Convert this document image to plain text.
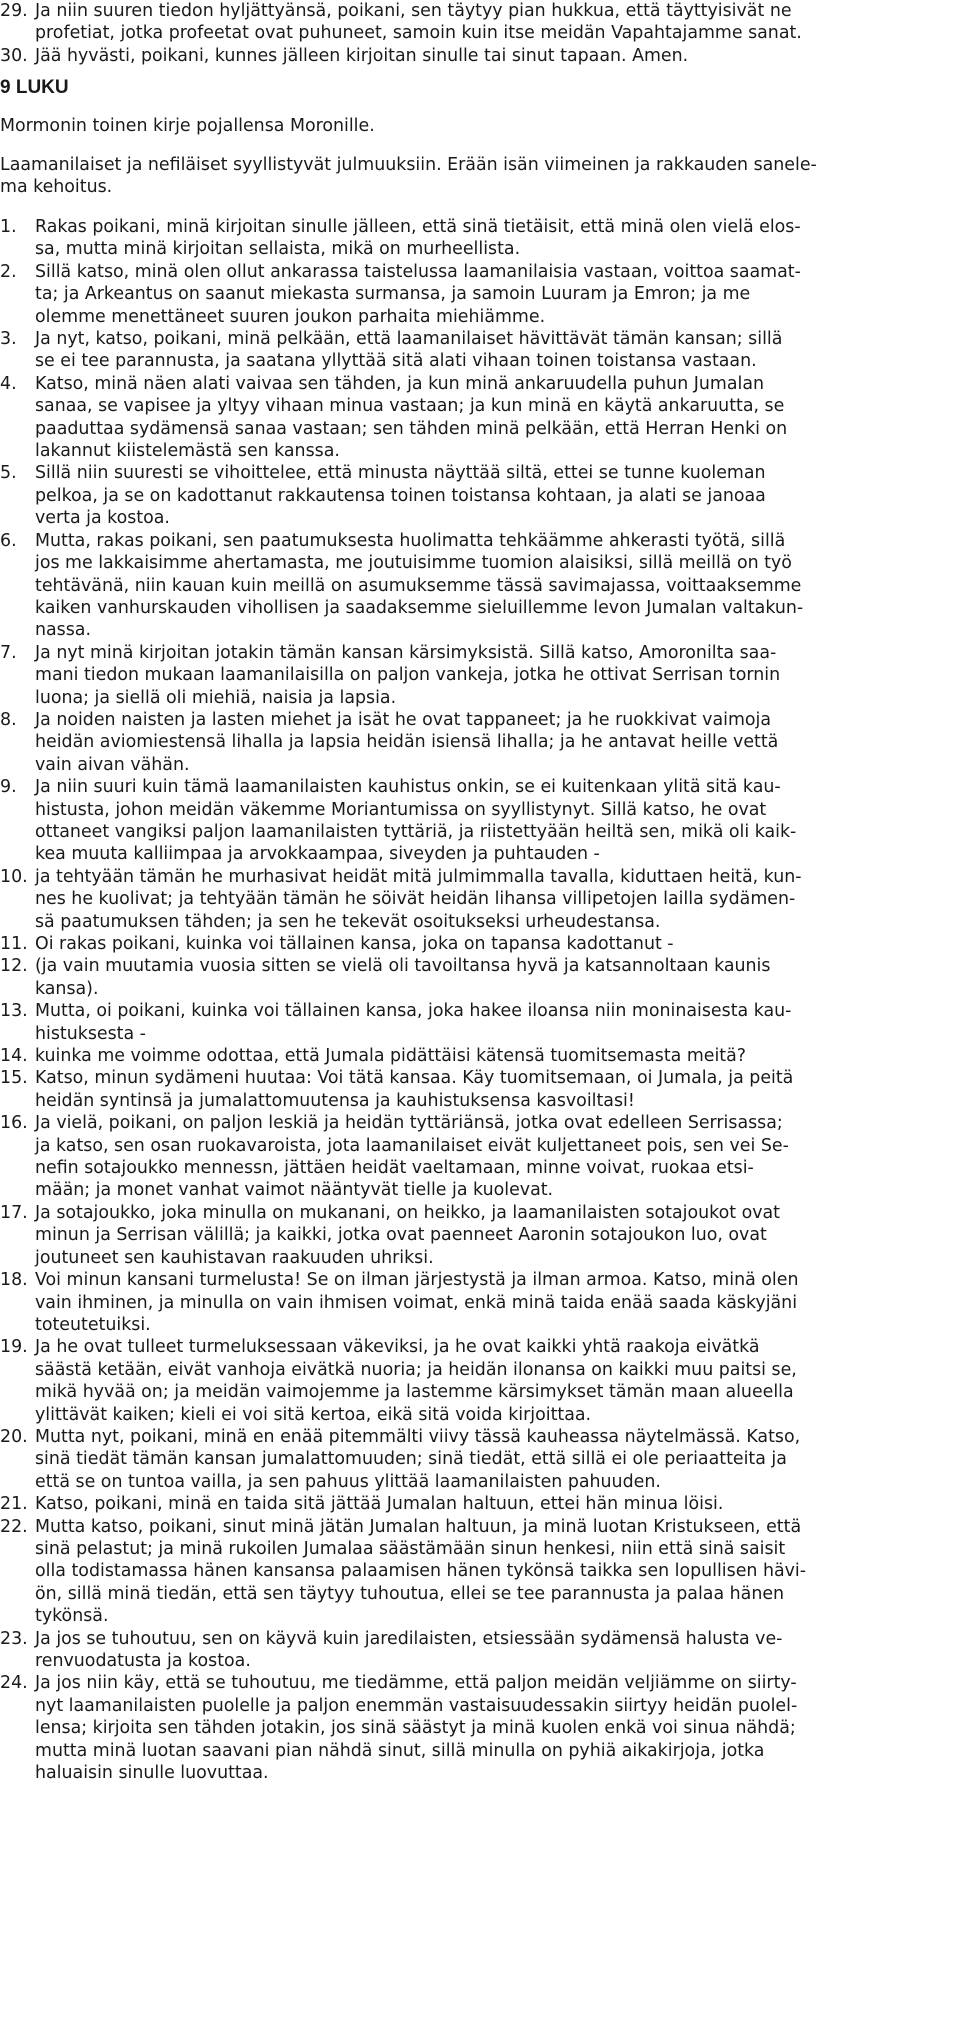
29. Ja niin suuren tiedon hyljättyänsä, poikani, sen täytyy pian hukkua, että täyttyisivät ne
profetiat, jotka profeetat ovat puhuneet, samoin kuin itse meidän Vapahtajamme sanat.
30. Jää hyvästi, poikani, kunnes jälleen kirjoitan sinulle tai sinut tapaan. Amen.
9 LUKU
Mormonin toinen kirje pojallensa Moronille.
Laamanilaiset ja nefiläiset syyllistyvät julmuuksiin. Erään isän viimeinen ja rakkauden sanele-
ma kehoitus.
1. Rakas poikani, minä kirjoitan sinulle jälleen, että sinä tietäisit, että minä olen vielä elos-
sa, mutta minä kirjoitan sellaista, mikä on murheellista.
2. Sillä katso, minä olen ollut ankarassa taistelussa laamanilaisia vastaan, voittoa saamat-
ta; ja Arkeantus on saanut miekasta surmansa, ja samoin Luuram ja Emron; ja me
olemme menettäneet suuren joukon parhaita miehiämme.
3. Ja nyt, katso, poikani, minä pelkään, että laamanilaiset hävittävät tämän kansan; sillä
se ei tee parannusta, ja saatana yllyttää sitä alati vihaan toinen toistansa vastaan.
4. Katso, minä näen alati vaivaa sen tähden, ja kun minä ankaruudella puhun Jumalan
sanaa, se vapisee ja yltyy vihaan minua vastaan; ja kun minä en käytä ankaruutta, se
paaduttaa sydämensä sanaa vastaan; sen tähden minä pelkään, että Herran Henki on
lakannut kiistelemästä sen kanssa.
5. Sillä niin suuresti se vihoittelee, että minusta näyttää siltä, ettei se tunne kuoleman
pelkoa, ja se on kadottanut rakkautensa toinen toistansa kohtaan, ja alati se janoaa
verta ja kostoa.
6. Mutta, rakas poikani, sen paatumuksesta huolimatta tehkäämme ahkerasti työtä, sillä
jos me lakkaisimme ahertamasta, me joutuisimme tuomion alaisiksi, sillä meillä on työ
tehtävänä, niin kauan kuin meillä on asumuksemme tässä savimajassa, voittaaksemme
kaiken vanhurskauden vihollisen ja saadaksemme sieluillemme levon Jumalan valtakun-
nassa.
7. Ja nyt minä kirjoitan jotakin tämän kansan kärsimyksistä. Sillä katso, Amoronilta saa-
mani tiedon mukaan laamanilaisilla on paljon vankeja, jotka he ottivat Serrisan tornin
luona; ja siellä oli miehiä, naisia ja lapsia.
8. Ja noiden naisten ja lasten miehet ja isät he ovat tappaneet; ja he ruokkivat vaimoja
heidän aviomiestensä lihalla ja lapsia heidän isiensä lihalla; ja he antavat heille vettä
vain aivan vähän.
9. Ja niin suuri kuin tämä laamanilaisten kauhistus onkin, se ei kuitenkaan ylitä sitä kau-
histusta, johon meidän väkemme Moriantumissa on syyllistynyt. Sillä katso, he ovat
ottaneet vangiksi paljon laamanilaisten tyttäriä, ja riistettyään heiltä sen, mikä oli kaik-
kea muuta kalliimpaa ja arvokkaampaa, siveyden ja puhtauden -
10. ja tehtyään tämän he murhasivat heidät mitä julmimmalla tavalla, kiduttaen heitä, kun-
nes he kuolivat; ja tehtyään tämän he söivät heidän lihansa villipetojen lailla sydämen-
sä paatumuksen tähden; ja sen he tekevät osoitukseksi urheudestansa.
11. Oi rakas poikani, kuinka voi tällainen kansa, joka on tapansa kadottanut -
12. (ja vain muutamia vuosia sitten se vielä oli tavoiltansa hyvä ja katsannoltaan kaunis
kansa).
13. Mutta, oi poikani, kuinka voi tällainen kansa, joka hakee iloansa niin moninaisesta kau-
histuksesta -
14. kuinka me voimme odottaa, että Jumala pidättäisi kätensä tuomitsemasta meitä?
15. Katso, minun sydämeni huutaa: Voi tätä kansaa. Käy tuomitsemaan, oi Jumala, ja peitä
heidän syntinsä ja jumalattomuutensa ja kauhistuksensa kasvoiltasi!
16. Ja vielä, poikani, on paljon leskiä ja heidän tyttäriänsä, jotka ovat edelleen Serrisassa;
ja katso, sen osan ruokavaroista, jota laamanilaiset eivät kuljettaneet pois, sen vei Se-
nefin sotajoukko mennessn, jättäen heidät vaeltamaan, minne voivat, ruokaa etsi-
mään; ja monet vanhat vaimot nääntyvät tielle ja kuolevat.
17. Ja sotajoukko, joka minulla on mukanani, on heikko, ja laamanilaisten sotajoukot ovat
minun ja Serrisan välillä; ja kaikki, jotka ovat paenneet Aaronin sotajoukon luo, ovat
joutuneet sen kauhistavan raakuuden uhriksi.
18. Voi minun kansani turmelusta! Se on ilman järjestystä ja ilman armoa. Katso, minä olen
vain ihminen, ja minulla on vain ihmisen voimat, enkä minä taida enää saada käskyjäni
toteutetuiksi.
19. Ja he ovat tulleet turmeluksessaan väkeviksi, ja he ovat kaikki yhtä raakoja eivätkä
säästä ketään, eivät vanhoja eivätkä nuoria; ja heidän ilonansa on kaikki muu paitsi se,
mikä hyvää on; ja meidän vaimojemme ja lastemme kärsimykset tämän maan alueella
ylittävät kaiken; kieli ei voi sitä kertoa, eikä sitä voida kirjoittaa.
20. Mutta nyt, poikani, minä en enää pitemmälti viivy tässä kauheassa näytelmässä. Katso,
sinä tiedät tämän kansan jumalattomuuden; sinä tiedät, että sillä ei ole periaatteita ja
että se on tuntoa vailla, ja sen pahuus ylittää laamanilaisten pahuuden.
21. Katso, poikani, minä en taida sitä jättää Jumalan haltuun, ettei hän minua löisi.
22. Mutta katso, poikani, sinut minä jätän Jumalan haltuun, ja minä luotan Kristukseen, että
sinä pelastut; ja minä rukoilen Jumalaa säästämään sinun henkesi, niin että sinä saisit
olla todistamassa hänen kansansa palaamisen hänen tykönsä taikka sen lopullisen hävi-
ön, sillä minä tiedän, että sen täytyy tuhoutua, ellei se tee parannusta ja palaa hänen
tykönsä.
23. Ja jos se tuhoutuu, sen on käyvä kuin jaredilaisten, etsiessään sydämensä halusta ve-
renvuodatusta ja kostoa.
24. Ja jos niin käy, että se tuhoutuu, me tiedämme, että paljon meidän veljiämme on siirty-
nyt laamanilaisten puolelle ja paljon enemmän vastaisuudessakin siirtyy heidän puolel-
lensa; kirjoita sen tähden jotakin, jos sinä säästyt ja minä kuolen enkä voi sinua nähdä;
mutta minä luotan saavani pian nähdä sinut, sillä minulla on pyhiä aikakirjoja, jotka
haluaisin sinulle luovuttaa.
